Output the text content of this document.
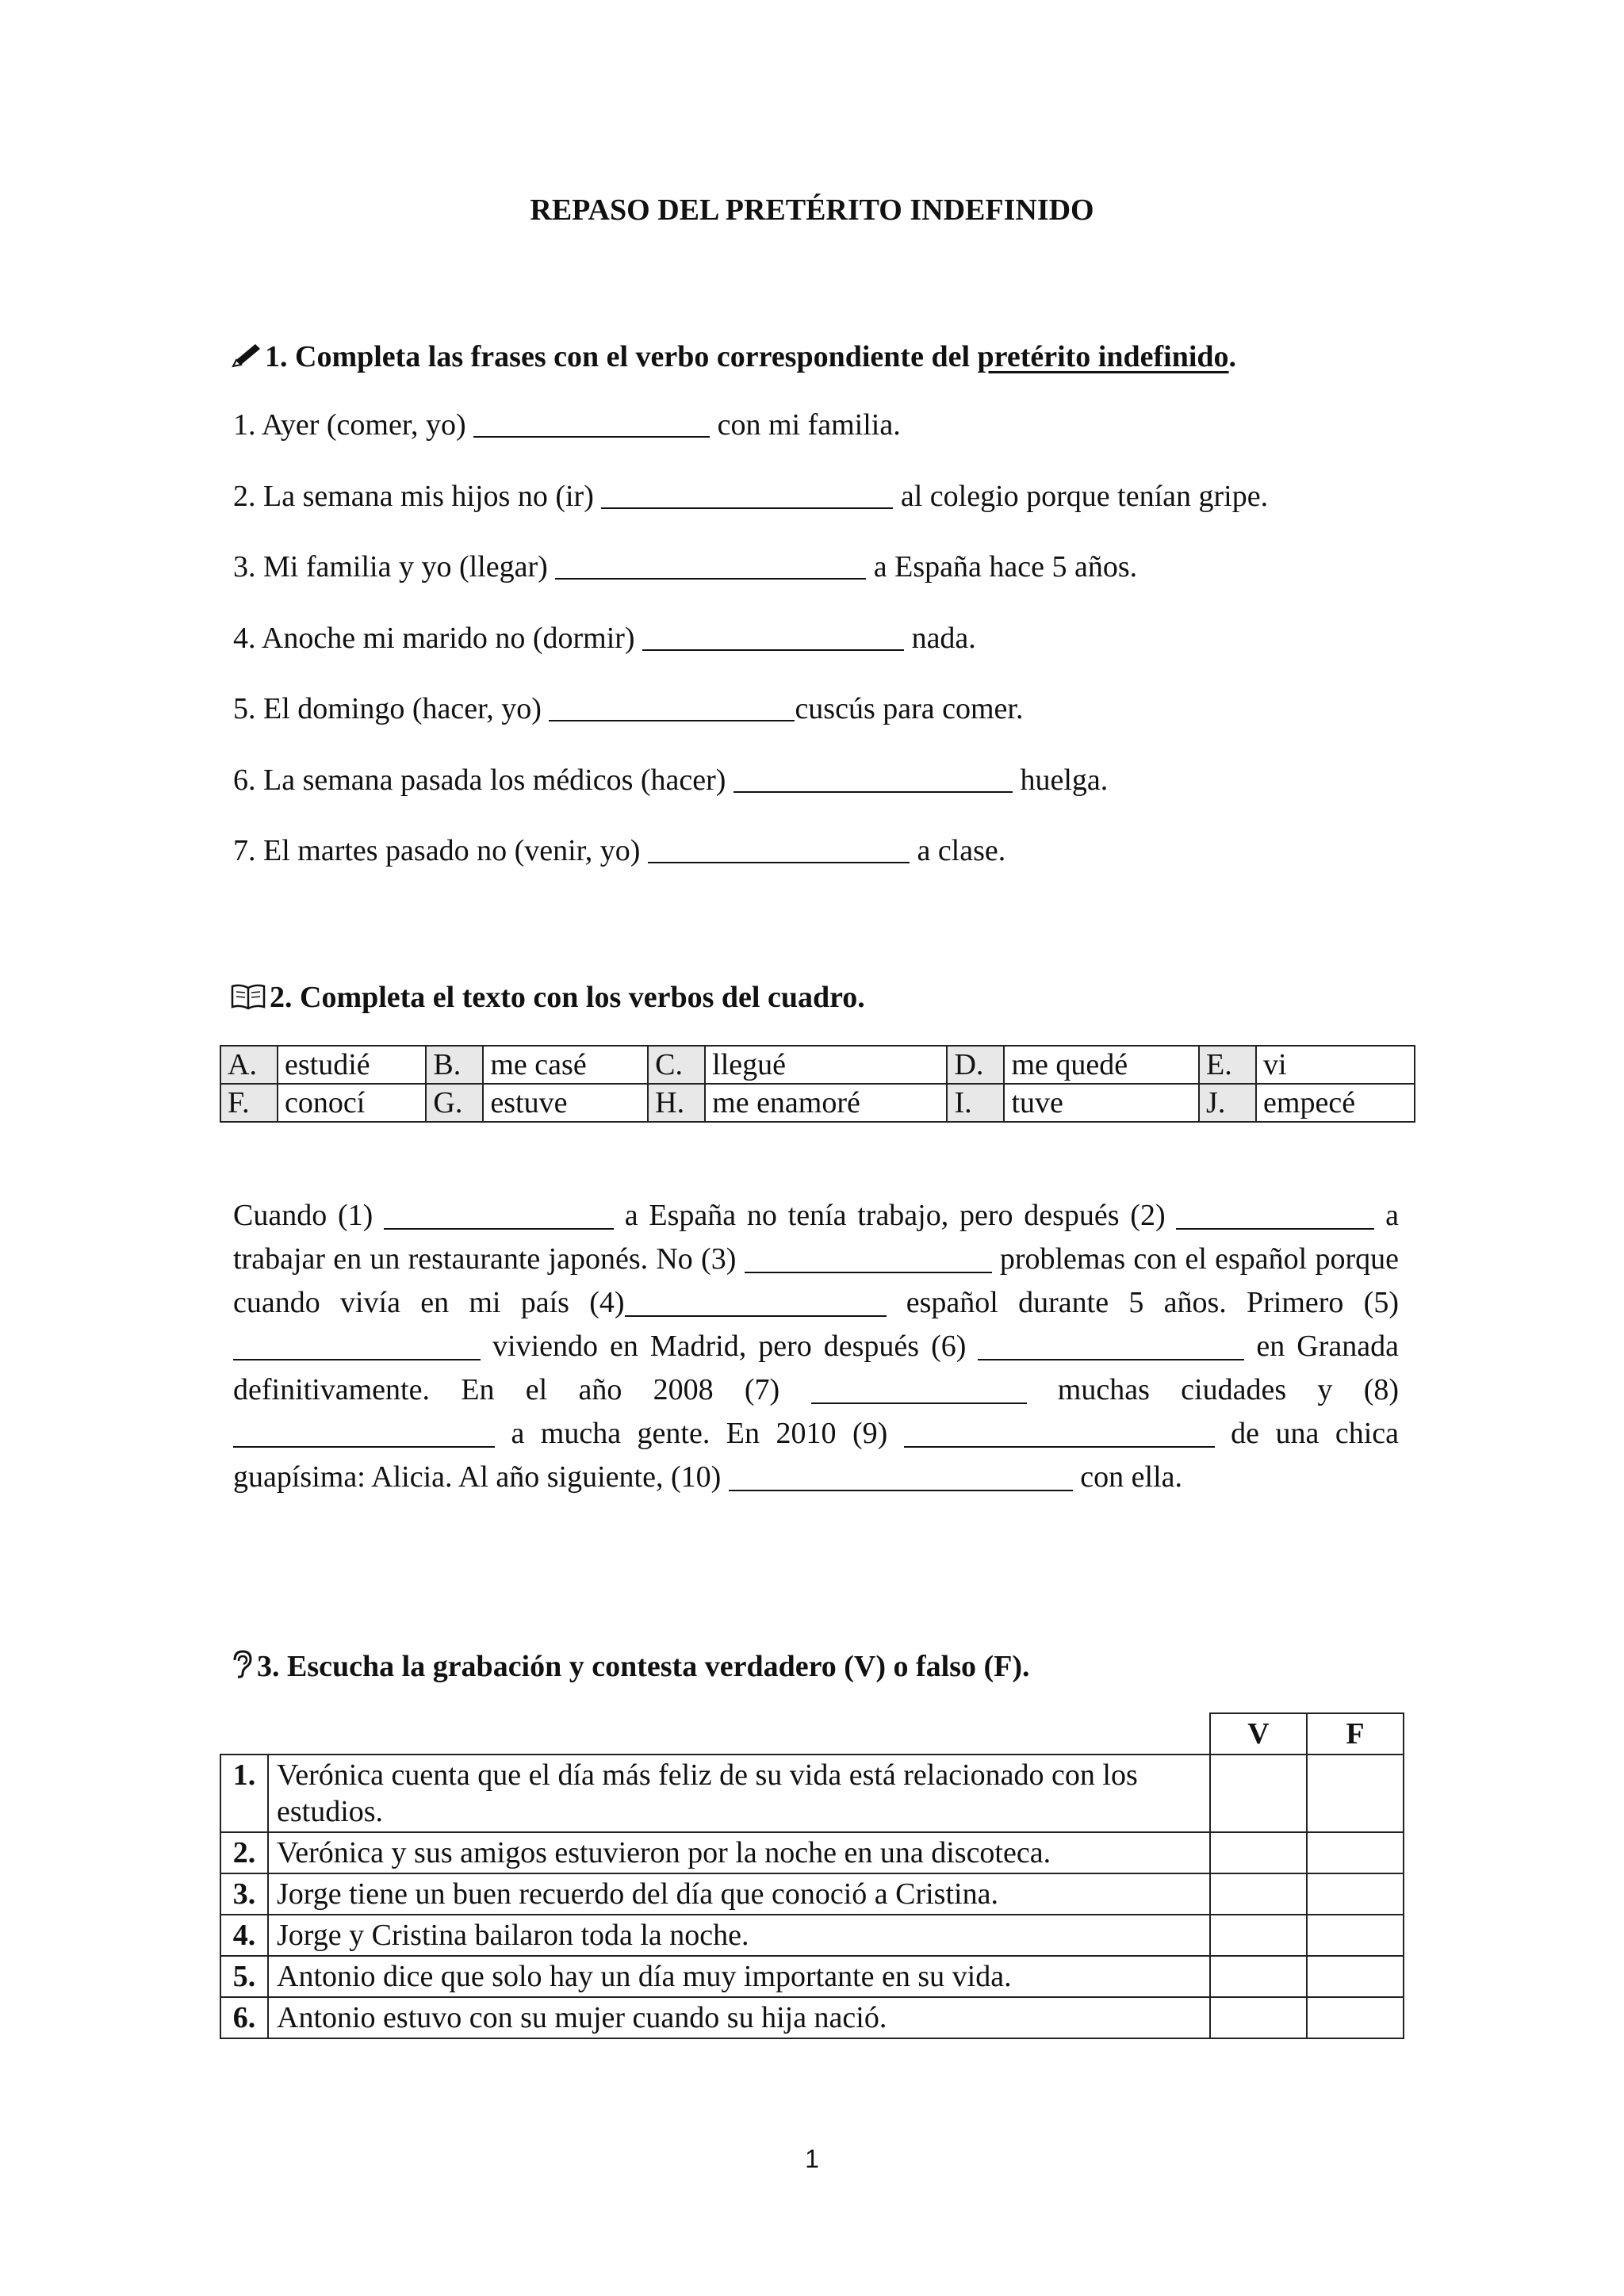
REPASO DEL PRETÉRITO INDEFINIDO
1. Completa las frases con el verbo correspondiente del pretérito indefinido.
1. Ayer (comer, yo)	con mi familia.
2. La semana mis hijos no (ir)	al colegio porque tenían gripe.
3. Mi familia y yo (llegar)	a España hace 5 años.
4. Anoche mi marido no (dormir)	nada.
5. El domingo (hacer, yo)	cuscús para comer.
6. La semana pasada los médicos (hacer)	huelga.
7. El martes pasado no (venir, yo)	a clase.
2. Completa el texto con los verbos del cuadro.
A.	estudié	B.	me casé	C.	llegué	D.	me quedé	E.	vi
F.	conocí	G.	estuve	H.	me enamoré	I.	tuve	J.	empecé
Cuando (1)	a España no tenía trabajo, pero después (2)	a trabajar en un restaurante japonés. No (3)	problemas con el español porque cuando vivía en mi país (4)	español durante 5 años. Primero (5)  viviendo en Madrid, pero después (6)	en Granada definitivamente. En el año 2008 (7)	muchas ciudades y (8)  a mucha gente. En 2010 (9)	de una chica guapísima: Alicia. Al año siguiente, (10)	con ella.
3. Escucha la grabación y contesta verdadero (V) o falso (F).
		V	F
1.	Verónica cuenta que el día más feliz de su vida está relacionado con los estudios.		
2.	Verónica y sus amigos estuvieron por la noche en una discoteca.		
3.	Jorge tiene un buen recuerdo del día que conoció a Cristina.		
4.	Jorge y Cristina bailaron toda la noche.		
5.	Antonio dice que solo hay un día muy importante en su vida.		
6.	Antonio estuvo con su mujer cuando su hija nació.		
1
